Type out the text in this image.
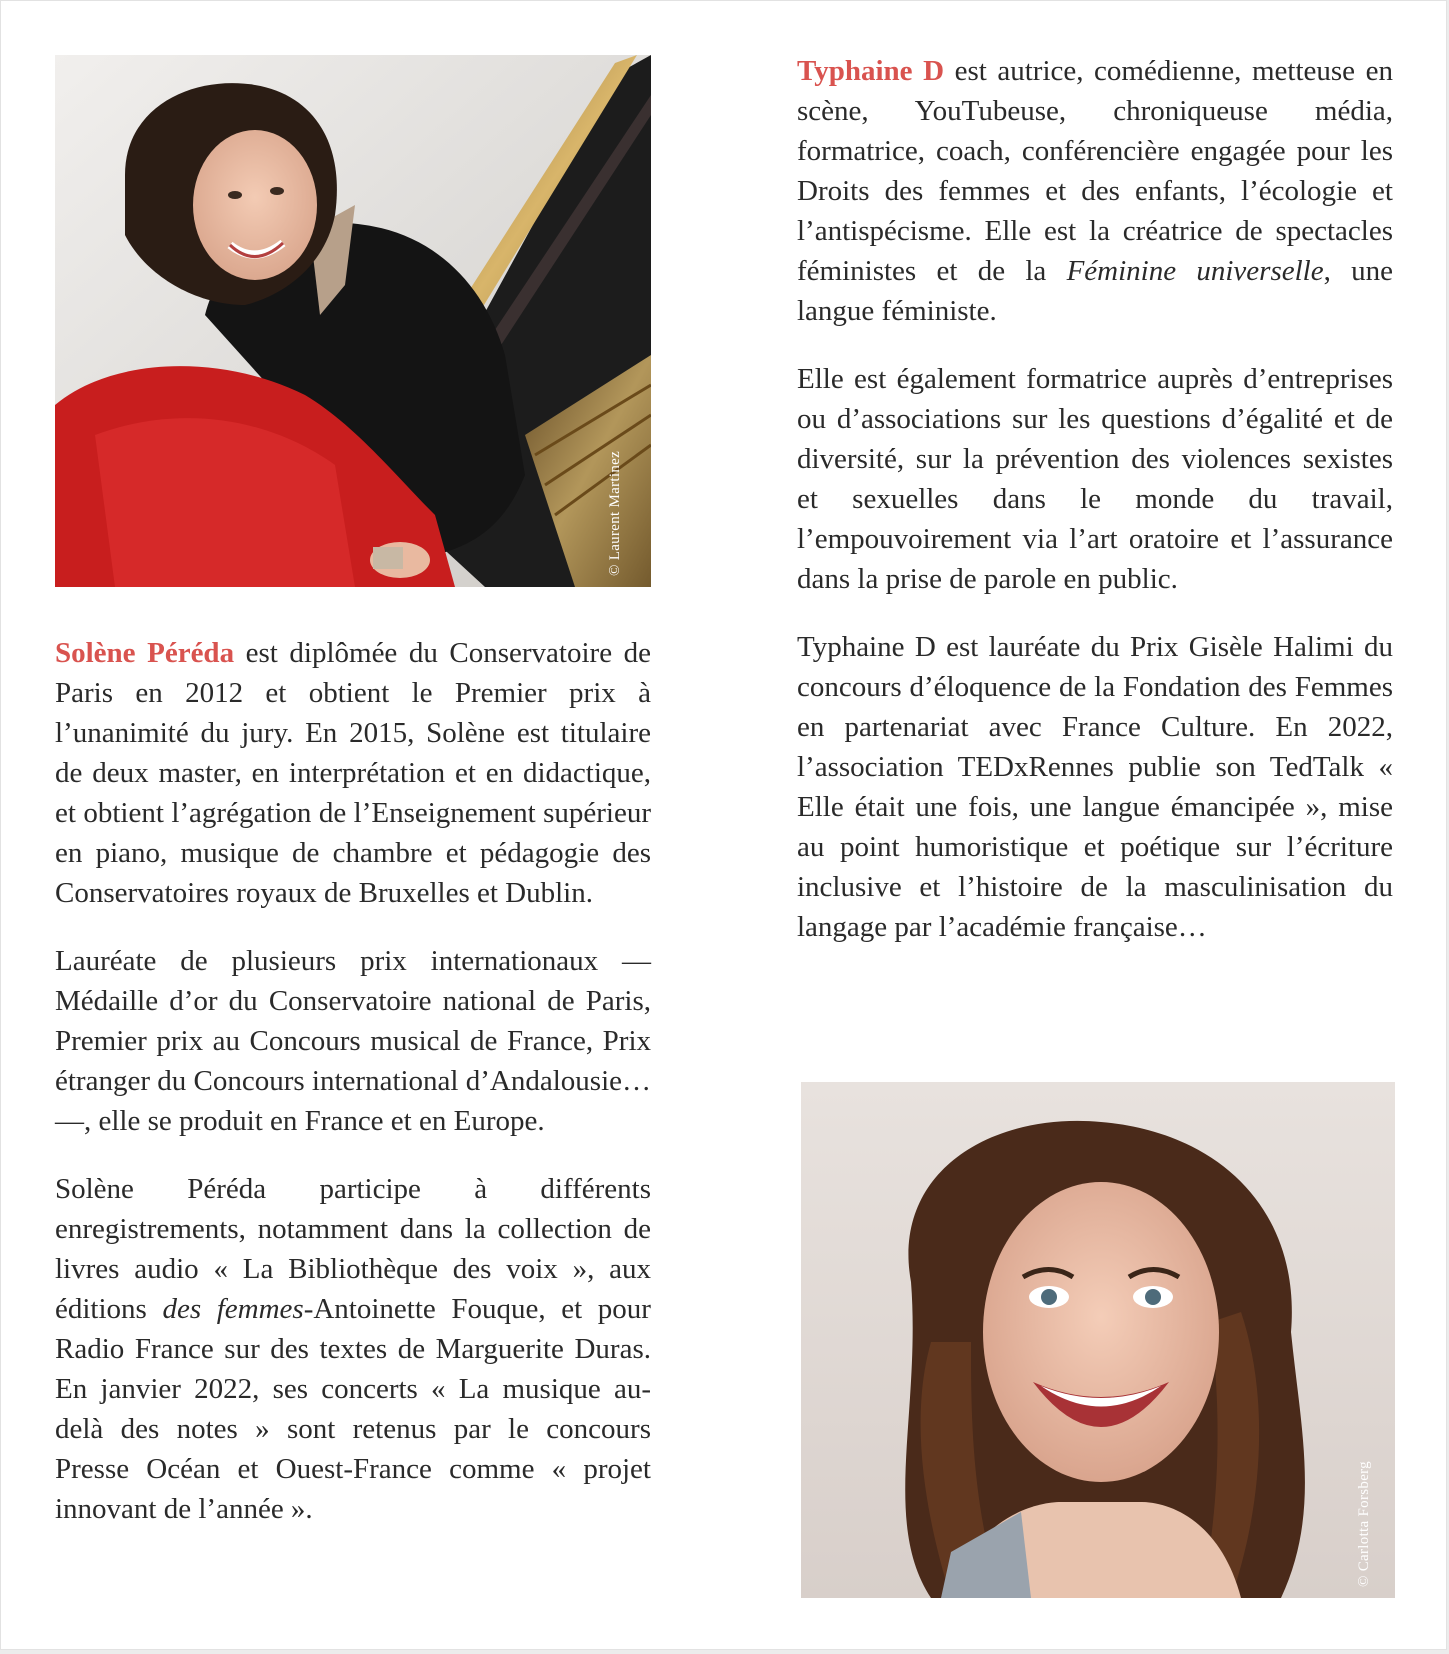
© Laurent Martinez

Typhaine D est autrice, comédienne, metteuse en scène, YouTubeuse, chroniqueuse média, formatrice, coach, conférencière engagée pour les Droits des femmes et des enfants, l’écologie et l’antispécisme. Elle est la créatrice de spectacles féministes et de la Féminine universelle, une langue féministe.

Elle est également formatrice auprès d’entreprises ou d’associations sur les questions d’égalité et de diversité, sur la prévention des violences sexistes et sexuelles dans le monde du travail, l’empouvoirement via l’art oratoire et l’assurance dans la prise de parole en public.

Typhaine D est lauréate du Prix Gisèle Halimi du concours d’éloquence de la Fondation des Femmes en partenariat avec France Culture. En 2022, l’association TEDxRennes publie son TedTalk « Elle était une fois, une langue émancipée », mise au point humoristique et poétique sur l’écriture inclusive et l’histoire de la masculinisation du langage par l’académie française…

Solène Péréda est diplômée du Conservatoire de Paris en 2012 et obtient le Premier prix à l’unanimité du jury. En 2015, Solène est titulaire de deux master, en interprétation et en didactique, et obtient l’agrégation de l’Enseignement supérieur en piano, musique de chambre et pédagogie des Conservatoires royaux de Bruxelles et Dublin.

Lauréate de plusieurs prix internationaux — Médaille d’or du Conservatoire national de Paris, Premier prix au Concours musical de France, Prix étranger du Concours international d’Andalousie… —, elle se produit en France et en Europe.

Solène Péréda participe à différents enregistrements, notamment dans la collection de livres audio « La Bibliothèque des voix », aux éditions des femmes-Antoinette Fouque, et pour Radio France sur des textes de Marguerite Duras. En janvier 2022, ses concerts « La musique au-delà des notes » sont retenus par le concours Presse Océan et Ouest-France comme « projet innovant de l’année ».	© Carlotta Forsberg
